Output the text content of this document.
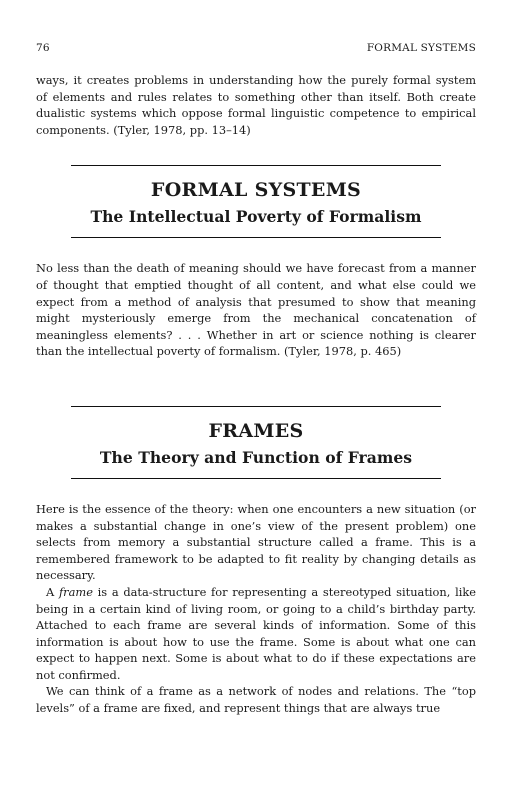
76	FORMAL SYSTEMS

ways, it creates problems in understanding how the purely formal system of elements and rules relates to something other than itself. Both create dualistic systems which oppose formal linguistic competence to empirical components. (Tyler, 1978, pp. 13–14)

FORMAL SYSTEMS
The Intellectual Poverty of Formalism

No less than the death of meaning should we have forecast from a manner of thought that emptied thought of all content, and what else could we expect from a method of analysis that presumed to show that meaning might mysteriously emerge from the mechanical concatenation of meaningless elements? . . . Whether in art or science nothing is clearer than the intellectual poverty of formalism. (Tyler, 1978, p. 465)

FRAMES
The Theory and Function of Frames

Here is the essence of the theory: when one encounters a new situation (or makes a substantial change in one’s view of the present problem) one selects from memory a substantial structure called a frame. This is a remembered framework to be adapted to fit reality by changing details as necessary.

A frame is a data-structure for representing a stereotyped situation, like being in a certain kind of living room, or going to a child’s birthday party. Attached to each frame are several kinds of information. Some of this information is about how to use the frame. Some is about what one can expect to happen next. Some is about what to do if these expectations are not confirmed.

We can think of a frame as a network of nodes and relations. The “top levels” of a frame are fixed, and represent things that are always true
